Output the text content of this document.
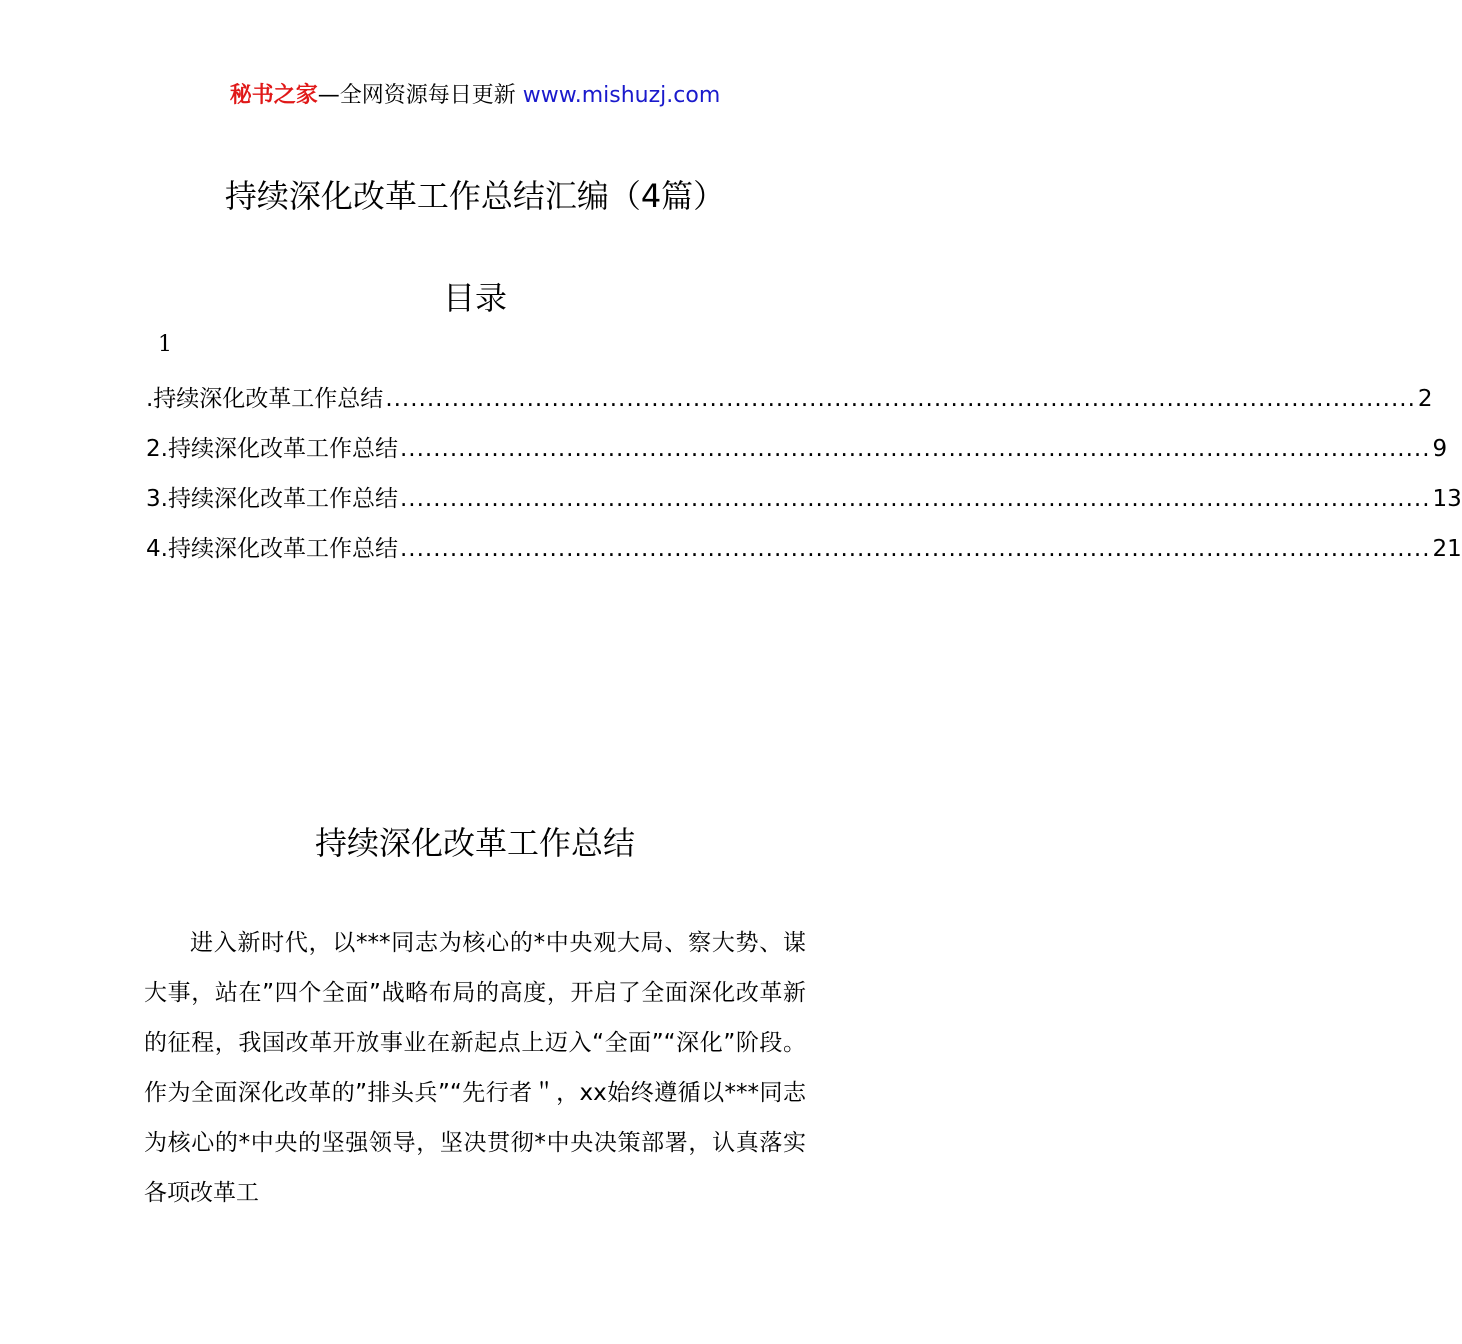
秘书之家—全网资源每日更新 www.mishuzj.com
持续深化改革工作总结汇编（4篇）
目录
1
.持续深化改革工作总结 ............................................................................................................................ 2
2.持续深化改革工作总结 ............................................................................................................................ 9
3.持续深化改革工作总结 ............................................................................................................................ 13
4.持续深化改革工作总结 ............................................................................................................................ 21
持续深化改革工作总结

进入新时代，以***同志为核心的*中央观大局、察大势、谋大事，站在”四个全面”战略布局的高度，开启了全面深化改革新的征程，我国改革开放事业在新起点上迈入“全面”“深化”阶段。作为全面深化改革的”排头兵”“先行者＂，xx始终遵循以***同志为核心的*中央的坚强领导，坚决贯彻*中央决策部署，认真落实各项改革工
